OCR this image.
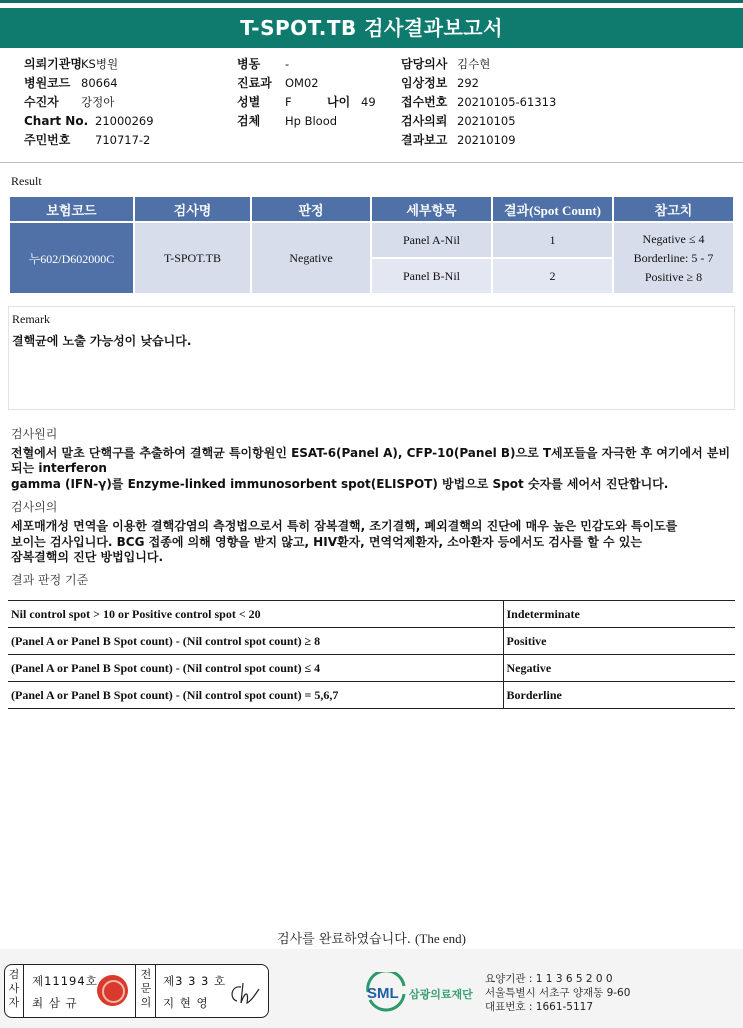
T-SPOT.TB 검사결과보고서
의뢰기관명KS병원
병원코드 80664
수진자 강정아
Chart No. 21000269
주민번호 710717-2
병동 -
진료과 OM02
성별 F	나이 49
검체 Hp Blood
담당의사 김수현
임상정보 292
접수번호 20210105-61313
검사의뢰 20210105
결과보고 20210109
Result
보험코드	검사명	판정	세부항목	결과(Spot Count)	참고치
누602/D602000C	T-SPOT.TB	Negative	Panel A-Nil	1	Negative ≤ 4
Borderline: 5 - 7
Positive ≥ 8

			Panel B-Nil	2	
Remark
결핵균에 노출 가능성이 낮습니다.
검사원리
전혈에서 말초 단핵구를 추출하여 결핵균 특이항원인 ESAT-6(Panel A), CFP-10(Panel B)으로 T세포들을 자극한 후 여기에서 분비되는 interferon
gamma (IFN-γ)를 Enzyme-linked immunosorbent spot(ELISPOT) 방법으로 Spot 숫자를 세어서 진단합니다.
검사의의
세포매개성 면역을 이용한 결핵감염의 측정법으로서 특히 잠복결핵, 조기결핵, 폐외결핵의 진단에 매우 높은 민감도와 특이도를
보이는 검사입니다. BCG 접종에 의해 영향을 받지 않고, HIV환자, 면역억제환자, 소아환자 등에서도 검사를 할 수 있는
잠복결핵의 진단 방법입니다.
결과 판정 기준
Nil control spot > 10 or Positive control spot < 20	Indeterminate
(Panel A or Panel B Spot count) - (Nil control spot count) ≥ 8	Positive
(Panel A or Panel B Spot count) - (Nil control spot count) ≤ 4	Negative
(Panel A or Panel B Spot count) - (Nil control spot count) = 5,6,7	Borderline
검사를 완료하였습니다. (The end)
검사자
제11194호
최 삼 규
전문의
제3 3 3 호
지 현 영
SML 삼광의료재단
요양기관 : 1 1 3 6 5 2 0 0
서울특별시 서초구 양재동 9-60
대표번호 : 1661-5117
